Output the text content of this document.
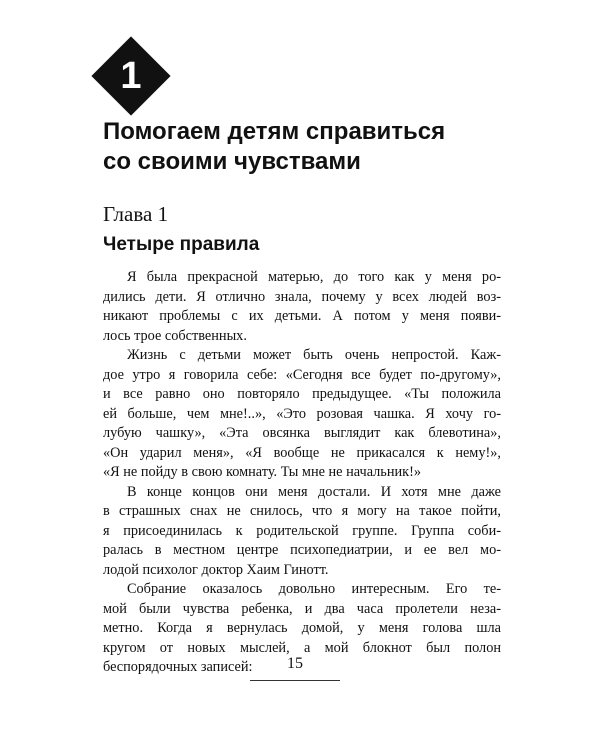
1
Помогаем детям справиться
со своими чувствами
Глава 1
Четыре правила

Я была прекрасной матерью, до того как у меня ро-
дились дети. Я отлично знала, почему у всех людей воз-
никают проблемы с их детьми. А потом у меня появи-
лось трое собственных.

Жизнь с детьми может быть очень непростой. Каж-
дое утро я говорила себе: «Сегодня все будет по-другому»,
и все равно оно повторяло предыдущее. «Ты положила
ей больше, чем мне!..», «Это розовая чашка. Я хочу го-
лубую чашку», «Эта овсянка выглядит как блевотина»,
«Он ударил меня», «Я вообще не прикасался к нему!»,
«Я не пойду в свою комнату. Ты мне не начальник!»

В конце концов они меня достали. И хотя мне даже
в страшных снах не снилось, что я могу на такое пойти,
я присоединилась к родительской группе. Группа соби-
ралась в местном центре психопедиатрии, и ее вел мо-
лодой психолог доктор Хаим Гинотт.

Собрание оказалось довольно интересным. Его те-
мой были чувства ребенка, и два часа пролетели неза-
метно. Когда я вернулась домой, у меня голова шла
кругом от новых мыслей, а мой блокнот был полон
беспорядочных записей:	15
